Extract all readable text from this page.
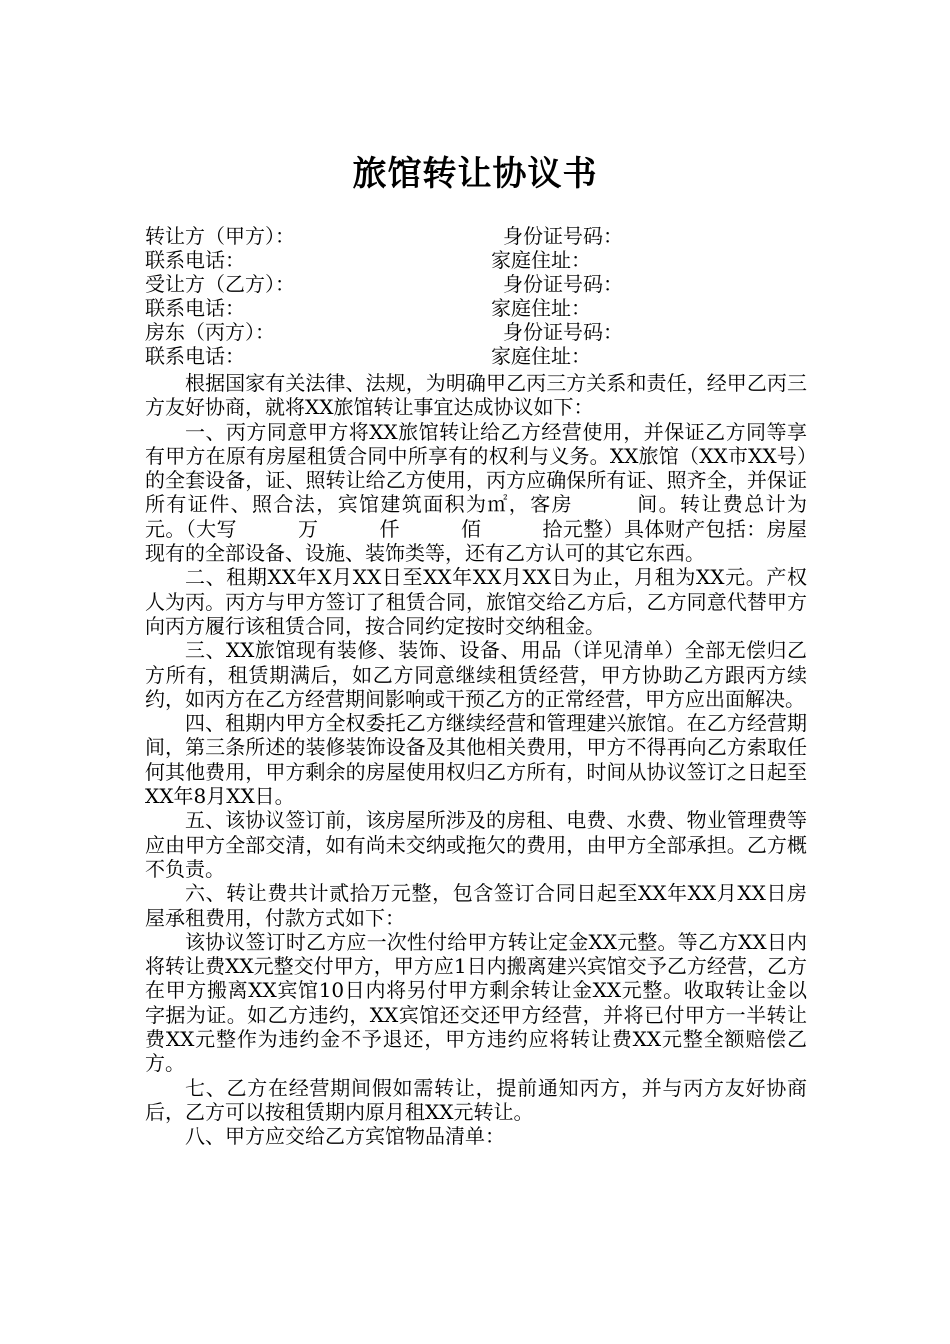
旅馆转让协议书
转让方（甲方）：	身份证号码：
联系电话：	家庭住址：
受让方（乙方）：	身份证号码：
联系电话：	家庭住址：
房东（丙方）：	身份证号码：
联系电话：	家庭住址：

根据国家有关法律、法规，为明确甲乙丙三方关系和责任，经甲乙丙三方友好协商，就将XX旅馆转让事宜达成协议如下：

一、丙方同意甲方将XX旅馆转让给乙方经营使用，并保证乙方同等享有甲方在原有房屋租赁合同中所享有的权利与义务。XX旅馆（XX市XX号）的全套设备，证、照转让给乙方使用，丙方应确保所有证、照齐全，并保证所有证件、照合法，宾馆建筑面积为㎡，客房　　　间。转让费总计为　　　　元。（大写　　　万　　　仟　　　佰　　　拾元整）具体财产包括：房屋现有的全部设备、设施、装饰类等，还有乙方认可的其它东西。

二、租期XX年X月XX日至XX年XX月XX日为止，月租为XX元。产权人为丙。丙方与甲方签订了租赁合同，旅馆交给乙方后，乙方同意代替甲方向丙方履行该租赁合同，按合同约定按时交纳租金。

三、XX旅馆现有装修、装饰、设备、用品（详见清单）全部无偿归乙方所有，租赁期满后，如乙方同意继续租赁经营，甲方协助乙方跟丙方续约，如丙方在乙方经营期间影响或干预乙方的正常经营，甲方应出面解决。

四、租期内甲方全权委托乙方继续经营和管理建兴旅馆。在乙方经营期间，第三条所述的装修装饰设备及其他相关费用，甲方不得再向乙方索取任何其他费用，甲方剩余的房屋使用权归乙方所有，时间从协议签订之日起至XX年8月XX日。

五、该协议签订前，该房屋所涉及的房租、电费、水费、物业管理费等应由甲方全部交清，如有尚未交纳或拖欠的费用，由甲方全部承担。乙方概不负责。

六、转让费共计贰拾万元整，包含签订合同日起至XX年XX月XX日房屋承租费用，付款方式如下：

该协议签订时乙方应一次性付给甲方转让定金XX元整。等乙方XX日内将转让费XX元整交付甲方，甲方应1日内搬离建兴宾馆交予乙方经营，乙方在甲方搬离XX宾馆10日内将另付甲方剩余转让金XX元整。收取转让金以字据为证。如乙方违约，XX宾馆还交还甲方经营，并将已付甲方一半转让费XX元整作为违约金不予退还，甲方违约应将转让费XX元整全额赔偿乙方。

七、乙方在经营期间假如需转让，提前通知丙方，并与丙方友好协商后，乙方可以按租赁期内原月租XX元转让。

八、甲方应交给乙方宾馆物品清单：
